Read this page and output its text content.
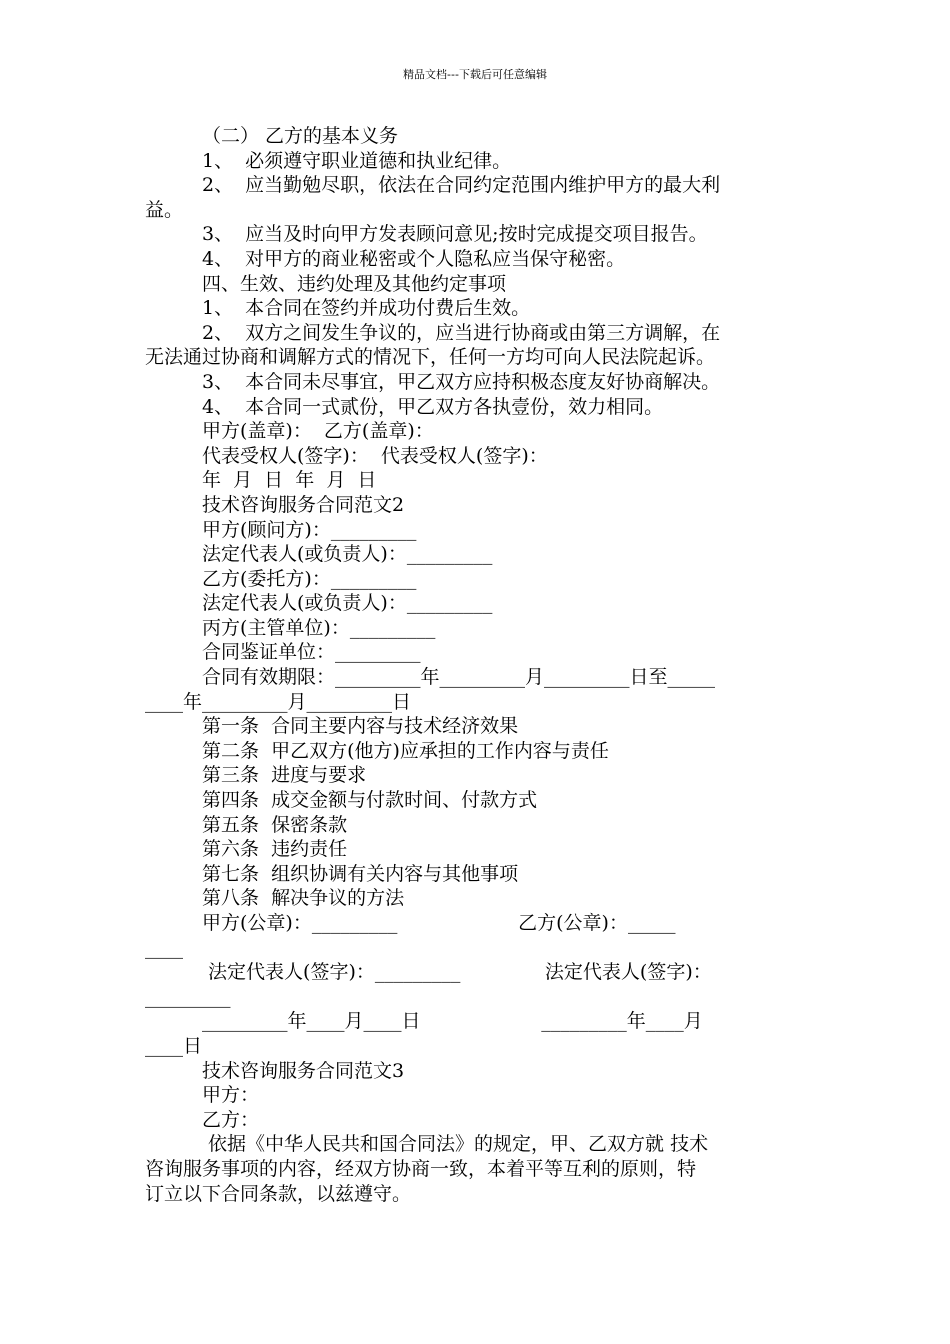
精品文档---下载后可任意编辑

（二） 乙方的基本义务

1、  必须遵守职业道德和执业纪律。

2、  应当勤勉尽职，依法在合同约定范围内维护甲方的最大利

益。

3、  应当及时向甲方发表顾问意见;按时完成提交项目报告。

4、  对甲方的商业秘密或个人隐私应当保守秘密。

四、生效、违约处理及其他约定事项

1、  本合同在签约并成功付费后生效。

2、  双方之间发生争议的，应当进行协商或由第三方调解，在

无法通过协商和调解方式的情况下，任何一方均可向人民法院起诉。

3、  本合同未尽事宜，甲乙双方应持积极态度友好协商解决。

4、  本合同一式贰份，甲乙双方各执壹份，效力相同。

甲方(盖章)：  乙方(盖章)：

代表受权人(签字)：  代表受权人(签字)：

年  月  日  年  月  日

技术咨询服务合同范文2

甲方(顾问方)：_________

法定代表人(或负责人)：_________

乙方(委托方)：_________

法定代表人(或负责人)：_________

丙方(主管单位)：_________

合同鉴证单位：_________

合同有效期限：_________年_________月_________日至_____

____年_________月_________日

第一条  合同主要内容与技术经济效果

第二条  甲乙双方(他方)应承担的工作内容与责任

第三条  进度与要求

第四条  成交金额与付款时间、付款方式

第五条  保密条款

第六条  违约责任

第七条  组织协调有关内容与其他事项

第八条  解决争议的方法

甲方(公章)：_________                    乙方(公章)：_____

____

法定代表人(签字)：_________              法定代表人(签字)：

_________

_________年____月____日                    _________年____月

____日

技术咨询服务合同范文3

甲方：

乙方：

依据《中华人民共和国合同法》的规定，甲、乙双方就 技术

咨询服务事项的内容，经双方协商一致，本着平等互利的原则，特

订立以下合同条款，以兹遵守。
